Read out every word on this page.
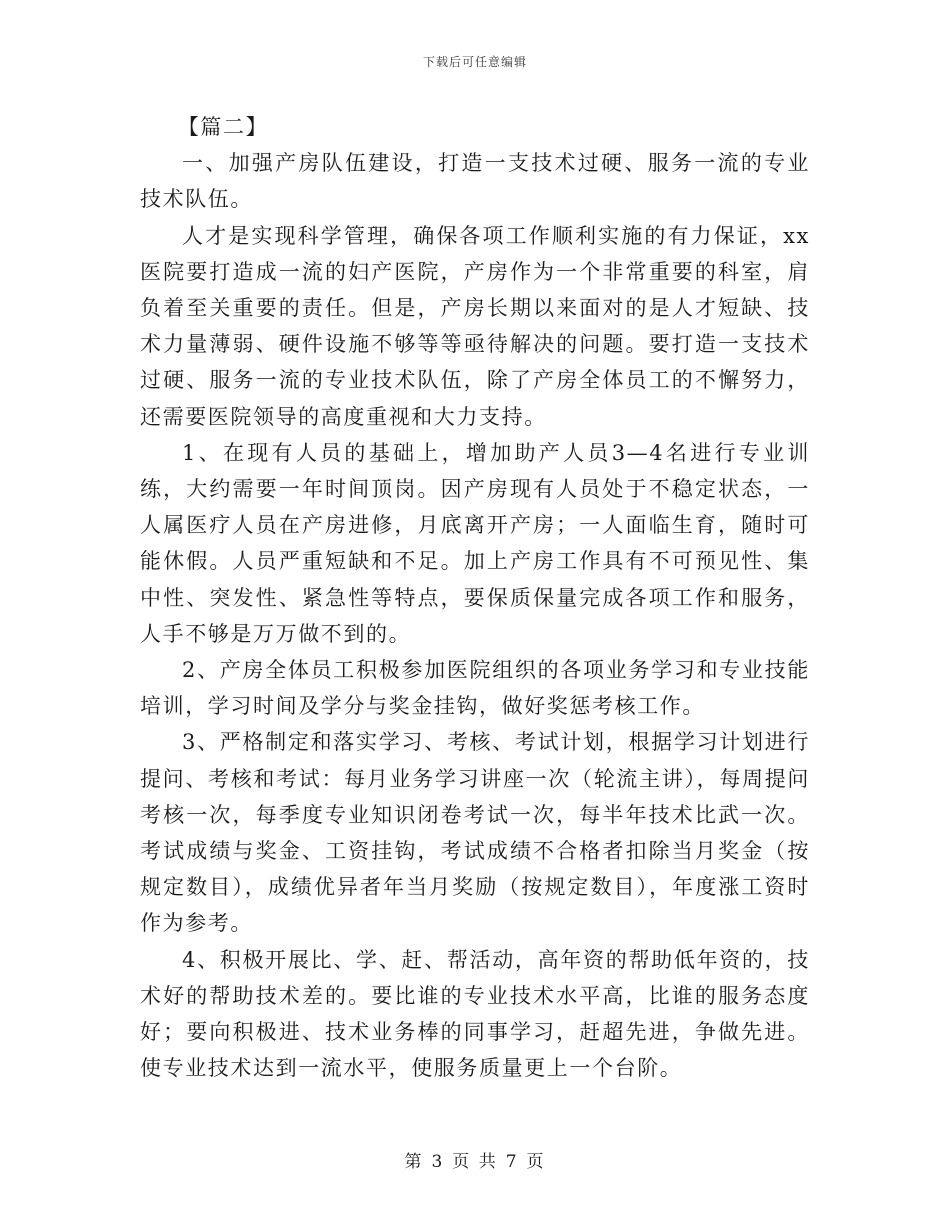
下载后可任意编辑

【篇二】

一、加强产房队伍建设，打造一支技术过硬、服务一流的专业技术队伍。

人才是实现科学管理，确保各项工作顺利实施的有力保证，xx医院要打造成一流的妇产医院，产房作为一个非常重要的科室，肩负着至关重要的责任。但是，产房长期以来面对的是人才短缺、技术力量薄弱、硬件设施不够等等亟待解决的问题。要打造一支技术过硬、服务一流的专业技术队伍，除了产房全体员工的不懈努力，还需要医院领导的高度重视和大力支持。

1、在现有人员的基础上，增加助产人员3—4名进行专业训练，大约需要一年时间顶岗。因产房现有人员处于不稳定状态，一人属医疗人员在产房进修，月底离开产房；一人面临生育，随时可能休假。人员严重短缺和不足。加上产房工作具有不可预见性、集中性、突发性、紧急性等特点，要保质保量完成各项工作和服务，人手不够是万万做不到的。

2、产房全体员工积极参加医院组织的各项业务学习和专业技能培训，学习时间及学分与奖金挂钩，做好奖惩考核工作。

3、严格制定和落实学习、考核、考试计划，根据学习计划进行提问、考核和考试：每月业务学习讲座一次（轮流主讲），每周提问考核一次，每季度专业知识闭卷考试一次，每半年技术比武一次。考试成绩与奖金、工资挂钩，考试成绩不合格者扣除当月奖金（按规定数目），成绩优异者年当月奖励（按规定数目），年度涨工资时作为参考。

4、积极开展比、学、赶、帮活动，高年资的帮助低年资的，技术好的帮助技术差的。要比谁的专业技术水平高，比谁的服务态度好；要向积极进、技术业务棒的同事学习，赶超先进，争做先进。使专业技术达到一流水平，使服务质量更上一个台阶。

第 3 页 共 7 页
